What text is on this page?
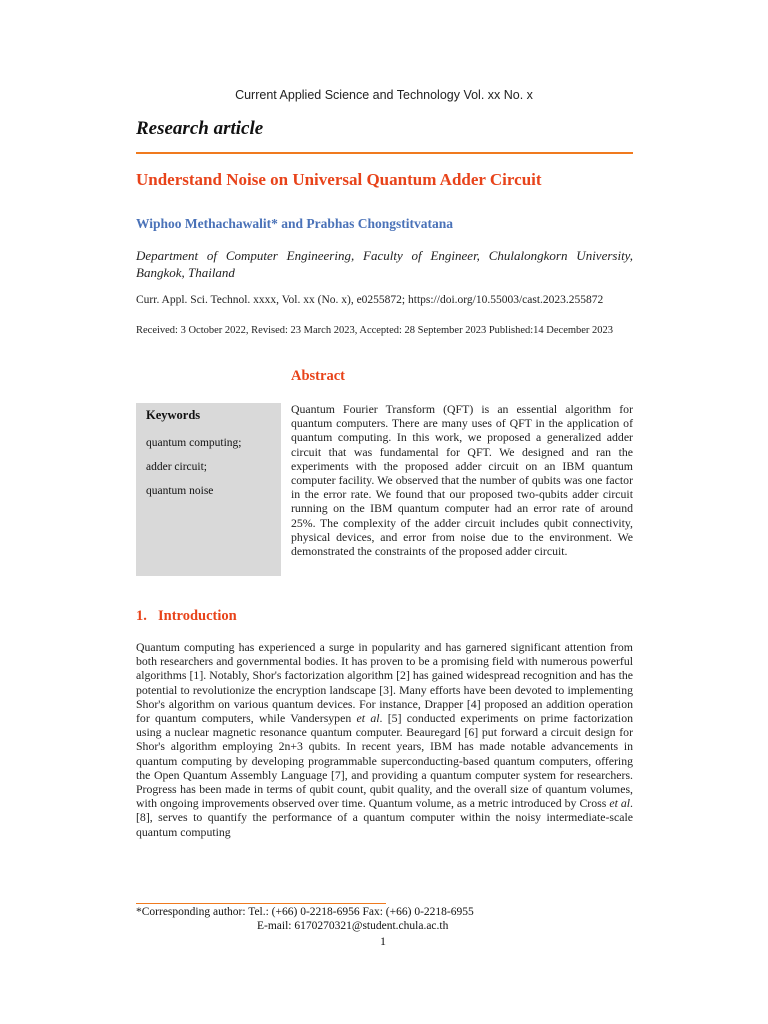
Current Applied Science and Technology Vol. xx No. x
Research article
Understand Noise on Universal Quantum Adder Circuit
Wiphoo Methachawalit* and Prabhas Chongstitvatana
Department of Computer Engineering, Faculty of Engineer, Chulalongkorn University, Bangkok, Thailand
Curr. Appl. Sci. Technol. xxxx, Vol. xx (No. x), e0255872; https://doi.org/10.55003/cast.2023.255872
Received: 3 October 2022, Revised: 23 March 2023, Accepted: 28 September 2023 Published:14 December 2023
Abstract
Keywords
quantum computing;
adder circuit;
quantum noise
Quantum Fourier Transform (QFT) is an essential algorithm for quantum computers. There are many uses of QFT in the application of quantum computing. In this work, we proposed a generalized adder circuit that was fundamental for QFT. We designed and ran the experiments with the proposed adder circuit on an IBM quantum computer facility. We observed that the number of qubits was one factor in the error rate. We found that our proposed two-qubits adder circuit running on the IBM quantum computer had an error rate of around 25%. The complexity of the adder circuit includes qubit connectivity, physical devices, and error from noise due to the environment. We demonstrated the constraints of the proposed adder circuit.
1. Introduction
Quantum computing has experienced a surge in popularity and has garnered significant attention from both researchers and governmental bodies. It has proven to be a promising field with numerous powerful algorithms [1]. Notably, Shor's factorization algorithm [2] has gained widespread recognition and has the potential to revolutionize the encryption landscape [3]. Many efforts have been devoted to implementing Shor's algorithm on various quantum devices. For instance, Drapper [4] proposed an addition operation for quantum computers, while Vandersypen et al. [5] conducted experiments on prime factorization using a nuclear magnetic resonance quantum computer. Beauregard [6] put forward a circuit design for Shor's algorithm employing 2n+3 qubits. In recent years, IBM has made notable advancements in quantum computing by developing programmable superconducting-based quantum computers, offering the Open Quantum Assembly Language [7], and providing a quantum computer system for researchers. Progress has been made in terms of qubit count, qubit quality, and the overall size of quantum volumes, with ongoing improvements observed over time. Quantum volume, as a metric introduced by Cross et al. [8], serves to quantify the performance of a quantum computer within the noisy intermediate-scale quantum computing
*Corresponding author: Tel.: (+66) 0-2218-6956 Fax: (+66) 0-2218-6955
E-mail: 6170270321@student.chula.ac.th
1
